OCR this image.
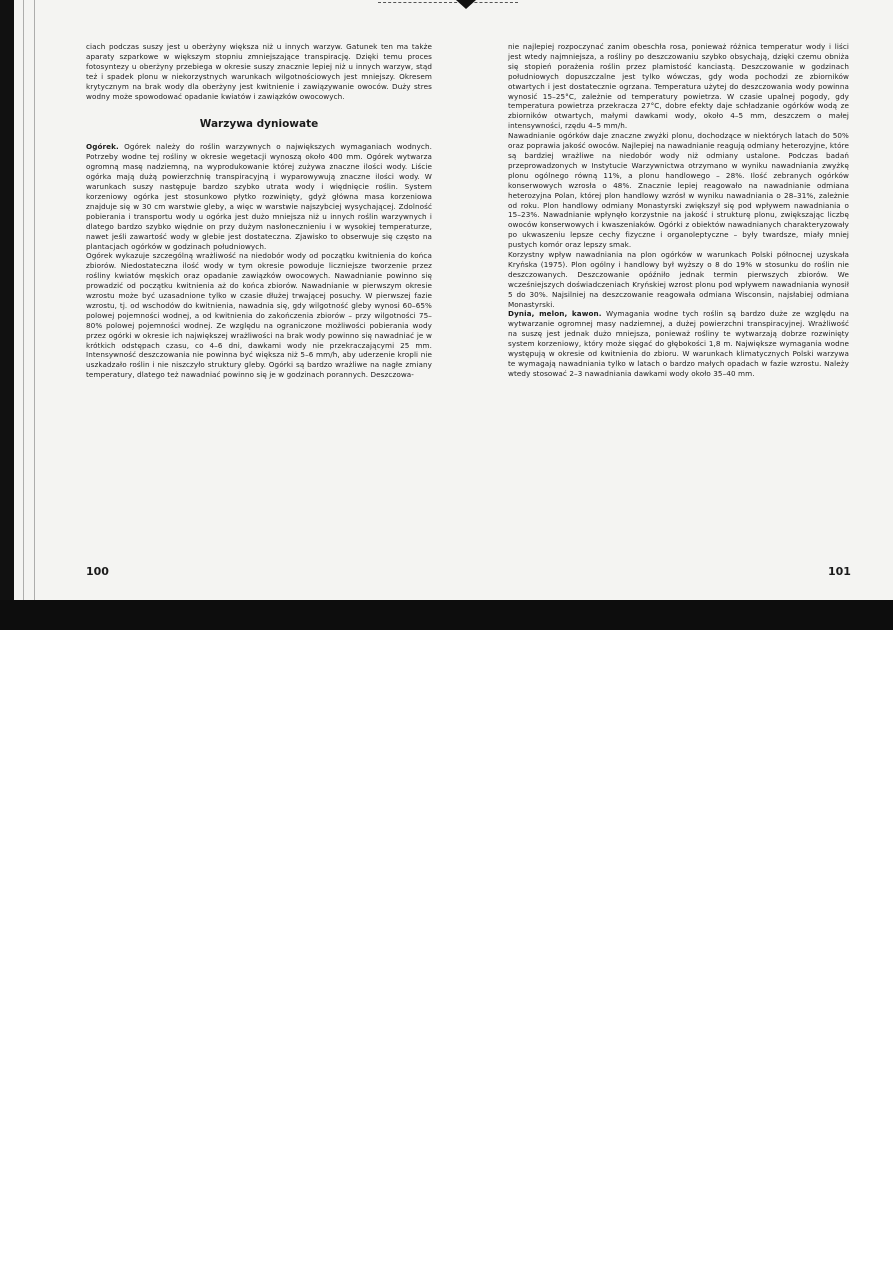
ciach podczas suszy jest u oberżyny większa niż u innych warzyw. Gatunek ten ma także aparaty szparkowe w większym stopniu zmniejszające transpirację. Dzięki temu proces fotosyntezy u oberżyny przebiega w okresie suszy znacznie lepiej niż u innych warzyw, stąd też i spadek plonu w niekorzystnych warunkach wilgotnościowych jest mniejszy. Okresem krytycznym na brak wody dla oberżyny jest kwitnienie i zawiązywanie owoców. Duży stres wodny może spowodować opadanie kwiatów i zawiązków owocowych.

Warzywa dyniowate

Ogórek. Ogórek należy do roślin warzywnych o największych wymaganiach wodnych. Potrzeby wodne tej rośliny w okresie wegetacji wynoszą około 400 mm. Ogórek wytwarza ogromną masę nadziemną, na wyprodukowanie której zużywa znaczne ilości wody. Liście ogórka mają dużą powierzchnię transpiracyjną i wyparowywują znaczne ilości wody. W warunkach suszy następuje bardzo szybko utrata wody i więdnięcie roślin. System korzeniowy ogórka jest stosunkowo płytko rozwinięty, gdyż główna masa korzeniowa znajduje się w 30 cm warstwie gleby, a więc w warstwie najszybciej wysychającej. Zdolność pobierania i transportu wody u ogórka jest dużo mniejsza niż u innych roślin warzywnych i dlatego bardzo szybko więdnie on przy dużym nasłonecznieniu i w wysokiej temperaturze, nawet jeśli zawartość wody w glebie jest dostateczna. Zjawisko to obserwuje się często na plantacjach ogórków w godzinach południowych.

Ogórek wykazuje szczególną wrażliwość na niedobór wody od początku kwitnienia do końca zbiorów. Niedostateczna ilość wody w tym okresie powoduje liczniejsze tworzenie przez rośliny kwiatów męskich oraz opadanie zawiązków owocowych. Nawadnianie powinno się prowadzić od początku kwitnienia aż do końca zbiorów. Nawadnianie w pierwszym okresie wzrostu może być uzasadnione tylko w czasie dłużej trwającej posuchy. W pierwszej fazie wzrostu, tj. od wschodów do kwitnienia, nawadnia się, gdy wilgotność gleby wynosi 60–65% polowej pojemności wodnej, a od kwitnienia do zakończenia zbiorów – przy wilgotności 75–80% polowej pojemności wodnej. Ze względu na ograniczone możliwości pobierania wody przez ogórki w okresie ich największej wrażliwości na brak wody powinno się nawadniać je w krótkich odstępach czasu, co 4–6 dni, dawkami wody nie przekraczającymi 25 mm. Intensywność deszczowania nie powinna być większa niż 5–6 mm/h, aby uderzenie kropli nie uszkadzało roślin i nie niszczyło struktury gleby. Ogórki są bardzo wrażliwe na nagłe zmiany temperatury, dlatego też nawadniać powinno się je w godzinach porannych. Deszczowa-

100

nie najlepiej rozpoczynać zanim obeschła rosa, ponieważ różnica temperatur wody i liści jest wtedy najmniejsza, a rośliny po deszczowaniu szybko obsychają, dzięki czemu obniża się stopień porażenia roślin przez plamistość kanciastą. Deszczowanie w godzinach południowych dopuszczalne jest tylko wówczas, gdy woda pochodzi ze zbiorników otwartych i jest dostatecznie ogrzana. Temperatura użytej do deszczowania wody powinna wynosić 15–25°C, zależnie od temperatury powietrza. W czasie upalnej pogody, gdy temperatura powietrza przekracza 27°C, dobre efekty daje schładzanie ogórków wodą ze zbiorników otwartych, małymi dawkami wody, około 4–5 mm, deszczem o małej intensywności, rzędu 4–5 mm/h.

Nawadnianie ogórków daje znaczne zwyżki plonu, dochodzące w niektórych latach do 50% oraz poprawia jakość owoców. Najlepiej na nawadnianie reagują odmiany heterozyjne, które są bardziej wrażliwe na niedobór wody niż odmiany ustalone. Podczas badań przeprowadzonych w Instytucie Warzywnictwa otrzymano w wyniku nawadniania zwyżkę plonu ogólnego równą 11%, a plonu handlowego – 28%. Ilość zebranych ogórków konserwowych wzrosła o 48%. Znacznie lepiej reagowało na nawadnianie odmiana heterozyjna Polan, której plon handlowy wzrósł w wyniku nawadniania o 28–31%, zależnie od roku. Plon handlowy odmiany Monastyrski zwiększył się pod wpływem nawadniania o 15–23%. Nawadnianie wpłynęło korzystnie na jakość i strukturę plonu, zwiększając liczbę owoców konserwowych i kwaszeniaków. Ogórki z obiektów nawadnianych charakteryzowały po ukwaszeniu lepsze cechy fizyczne i organoleptyczne – były twardsze, miały mniej pustych komór oraz lepszy smak.

Korzystny wpływ nawadniania na plon ogórków w warunkach Polski północnej uzyskała Kryńska (1975). Plon ogólny i handlowy był wyższy o 8 do 19% w stosunku do roślin nie deszczowanych. Deszczowanie opóźniło jednak termin pierwszych zbiorów. We wcześniejszych doświadczeniach Kryńskiej wzrost plonu pod wpływem nawadniania wynosił 5 do 30%. Najsilniej na deszczowanie reagowała odmiana Wisconsin, najsłabiej odmiana Monastyrski.

Dynia, melon, kawon. Wymagania wodne tych roślin są bardzo duże ze względu na wytwarzanie ogromnej masy nadziemnej, a dużej powierzchni transpiracyjnej. Wrażliwość na suszę jest jednak dużo mniejsza, ponieważ rośliny te wytwarzają dobrze rozwinięty system korzeniowy, który może sięgać do głębokości 1,8 m. Największe wymagania wodne występują w okresie od kwitnienia do zbioru. W warunkach klimatycznych Polski warzywa te wymagają nawadniania tylko w latach o bardzo małych opadach w fazie wzrostu. Należy wtedy stosować 2–3 nawadniania dawkami wody około 35–40 mm.

101
